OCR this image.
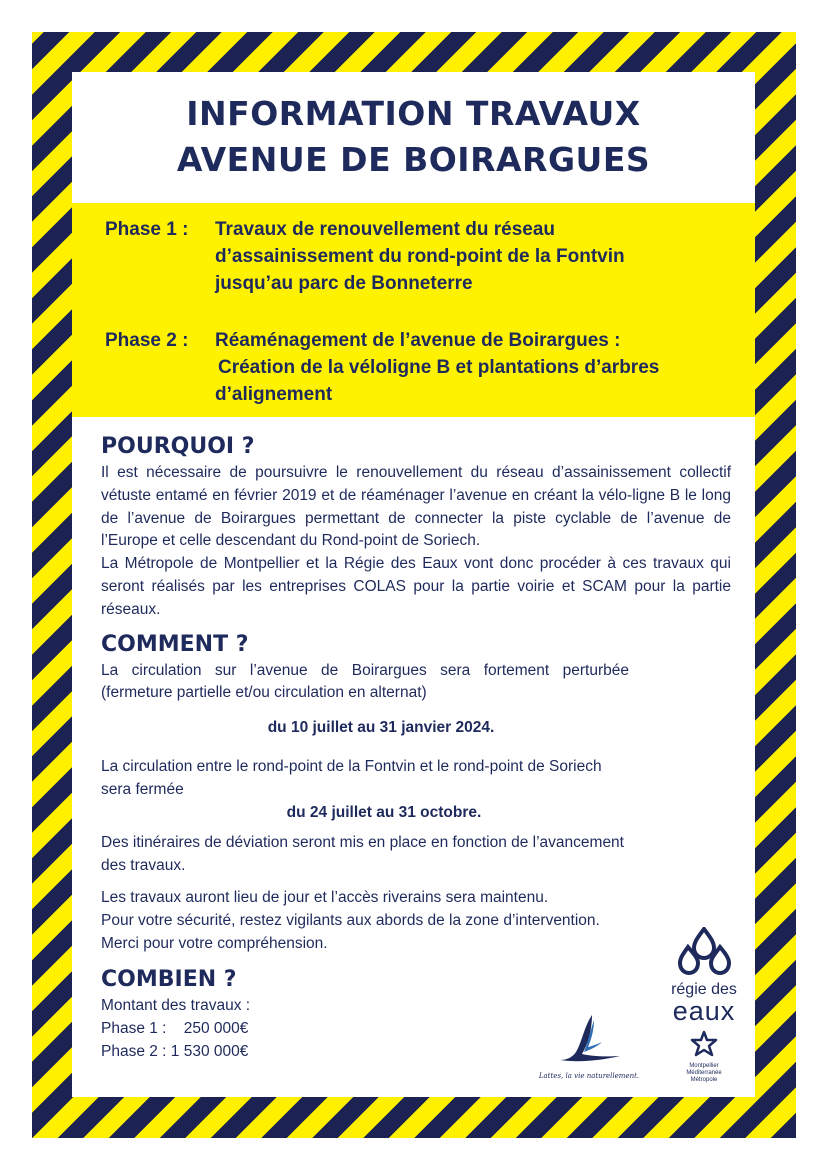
INFORMATION TRAVAUX
AVENUE DE BOIRARGUES
Phase 1 :	Travaux de renouvellement du réseau
d’assainissement du rond-point de la Fontvin
jusqu’au parc de Bonneterre
Phase 2 :	Réaménagement de l’avenue de Boirargues :
Création de la véloligne B et plantations d’arbres
d’alignement
POURQUOI ?

Il est nécessaire de poursuivre le renouvellement du réseau d’assainissement collectif vétuste entamé en février 2019 et de réaménager l’avenue en créant la vélo-ligne B le long de l’avenue de Boirargues permettant de connecter la piste cyclable de l’avenue de l’Europe et celle descendant du Rond-point de Soriech.

La Métropole de Montpellier et la Régie des Eaux vont donc procéder à ces travaux qui seront réalisés par les entreprises COLAS pour la partie voirie et SCAM pour la partie réseaux.

COMMENT ?

La circulation sur l’avenue de Boirargues sera fortement perturbée (fermeture partielle et/ou circulation en alternat)

du 10 juillet au 31 janvier 2024.

La circulation entre le rond-point de la Fontvin et le rond-point de Soriech

sera fermée

du 24 juillet au 31 octobre.

Des itinéraires de déviation seront mis en place en fonction de l’avancement

des travaux.

Les travaux auront lieu de jour et l’accès riverains sera maintenu.

Pour votre sécurité, restez vigilants aux abords de la zone d’intervention.

Merci pour votre compréhension.

COMBIEN ?

Montant des travaux :

Phase 1 :    250 000€

Phase 2 : 1 530 000€

Lattes, la vie naturellement.
régie des
eaux
Montpellier
Méditerranée
Métropole
